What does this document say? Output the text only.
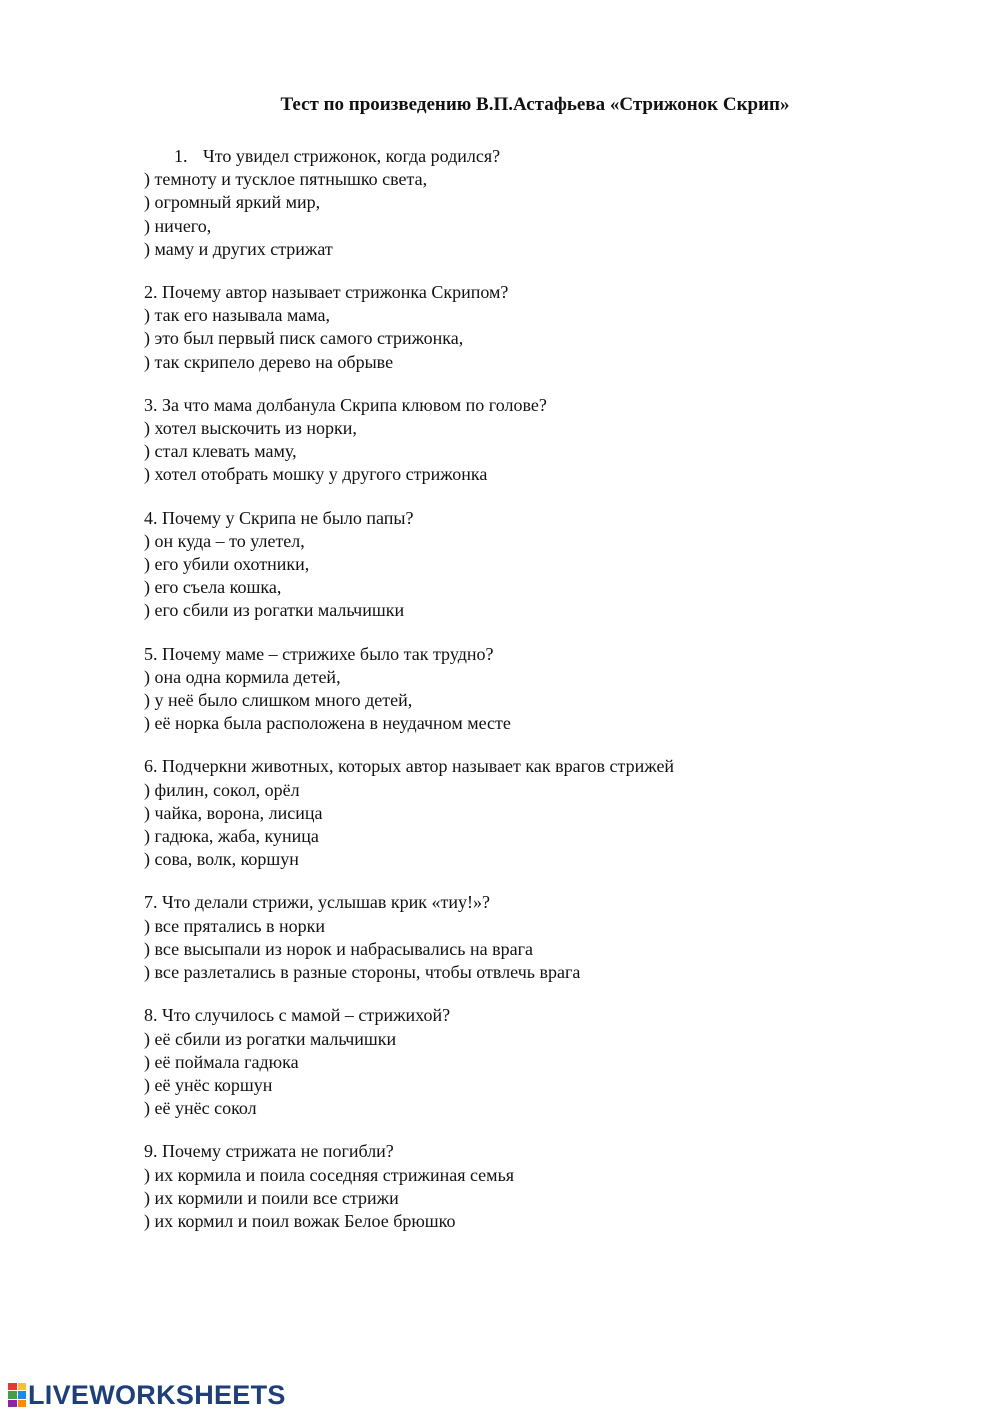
Тест по произведению В.П.Астафьева «Стрижонок Скрип»
1. Что увидел стрижонок, когда родился?
) темноту и тусклое пятнышко света,
) огромный яркий мир,
) ничего,
) маму и других стрижат
2. Почему автор называет стрижонка Скрипом?
) так его называла мама,
) это был первый писк самого стрижонка,
) так скрипело дерево на обрыве
3. За что мама долбанула Скрипа клювом по голове?
) хотел выскочить из норки,
) стал клевать маму,
) хотел отобрать мошку у другого стрижонка
4. Почему у Скрипа не было папы?
) он куда – то улетел,
) его убили охотники,
) его съела кошка,
) его сбили из рогатки мальчишки
5. Почему маме – стрижихе было так трудно?
) она одна кормила детей,
) у неё было слишком много детей,
) её норка была расположена в неудачном месте
6. Подчеркни животных, которых автор называет как врагов стрижей
) филин, сокол, орёл
) чайка, ворона, лисица
) гадюка, жаба, куница
) сова, волк, коршун
7. Что делали стрижи, услышав крик «тиу!»?
) все прятались в норки
) все высыпали из норок и набрасывались на врага
) все разлетались в разные стороны, чтобы отвлечь врага
8. Что случилось с мамой – стрижихой?
) её сбили из рогатки мальчишки
) её поймала гадюка
) её унёс коршун
) её унёс сокол
9. Почему стрижата не погибли?
) их кормила и поила соседняя стрижиная семья
) их кормили и поили все стрижи
) их кормил и поил вожак Белое брюшко
LIVEWORKSHEETS
